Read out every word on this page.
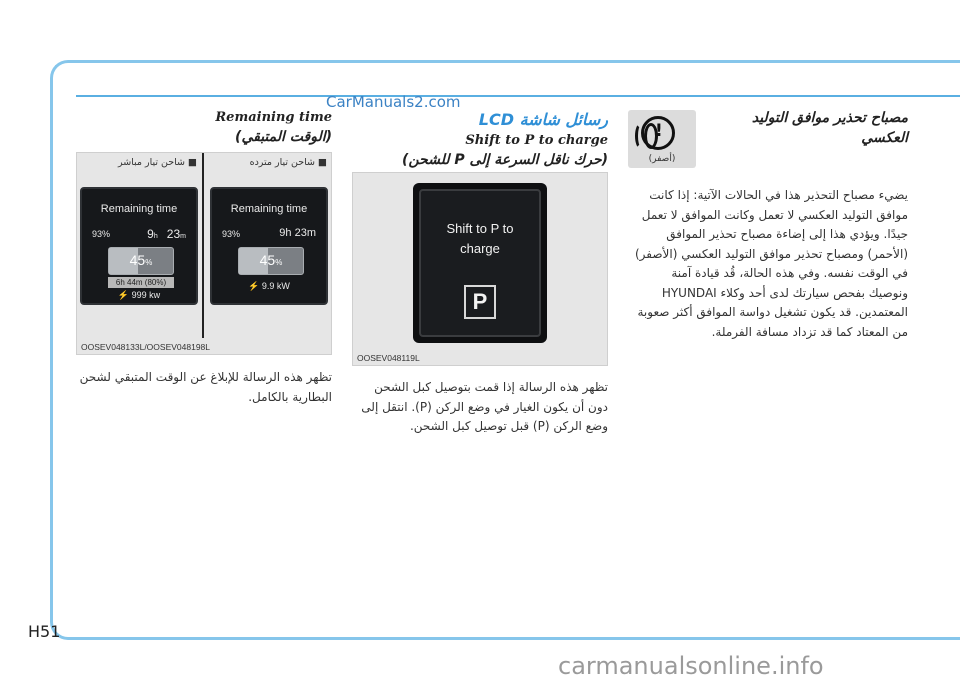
CarManuals2.com
!
(أصفر)
مصباح تحذير موافق التوليد
العكسي
يضيء مصباح التحذير هذا في الحالات الآتية: إذا كانت موافق التوليد العكسي لا تعمل وكانت الموافق لا تعمل جيدًا. ويؤدي هذا إلى إضاءة مصباح تحذير الموافق (الأحمر) ومصباح تحذير موافق التوليد العكسي (الأصفر) في الوقت نفسه. وفي هذه الحالة، قُد قيادة آمنة ونوصيك بفحص سيارتك لدى أحد وكلاء HYUNDAI المعتمدين. قد يكون تشغيل دواسة الموافق أكثر صعوبة من المعتاد كما قد تزداد مسافة الفرملة.
رسائل شاشة LCD
Shift to P to charge
(حرك ناقل السرعة إلى P للشحن)
Shift to P to
charge
P
OOSEV048119L
تظهر هذه الرسالة إذا قمت بتوصيل كبل الشحن دون أن يكون الغيار في وضع الركن (P). انتقل إلى وضع الركن (P) قبل توصيل كبل الشحن.
Remaining time
(الوقت المتبقي)
■ شاحن تيار مترده
■ شاحن تيار مباشر
Remaining time
93%	9h 23m
45%
6h 44m (80%)
⚡ 999 kw
Remaining time
93%	9h 23m
45%
⚡ 9.9 kW
OOSEV048133L/OOSEV048198L
تظهر هذه الرسالة للإبلاغ عن الوقت المتبقي لشحن البطارية بالكامل.
H51
carmanualsonline.info
